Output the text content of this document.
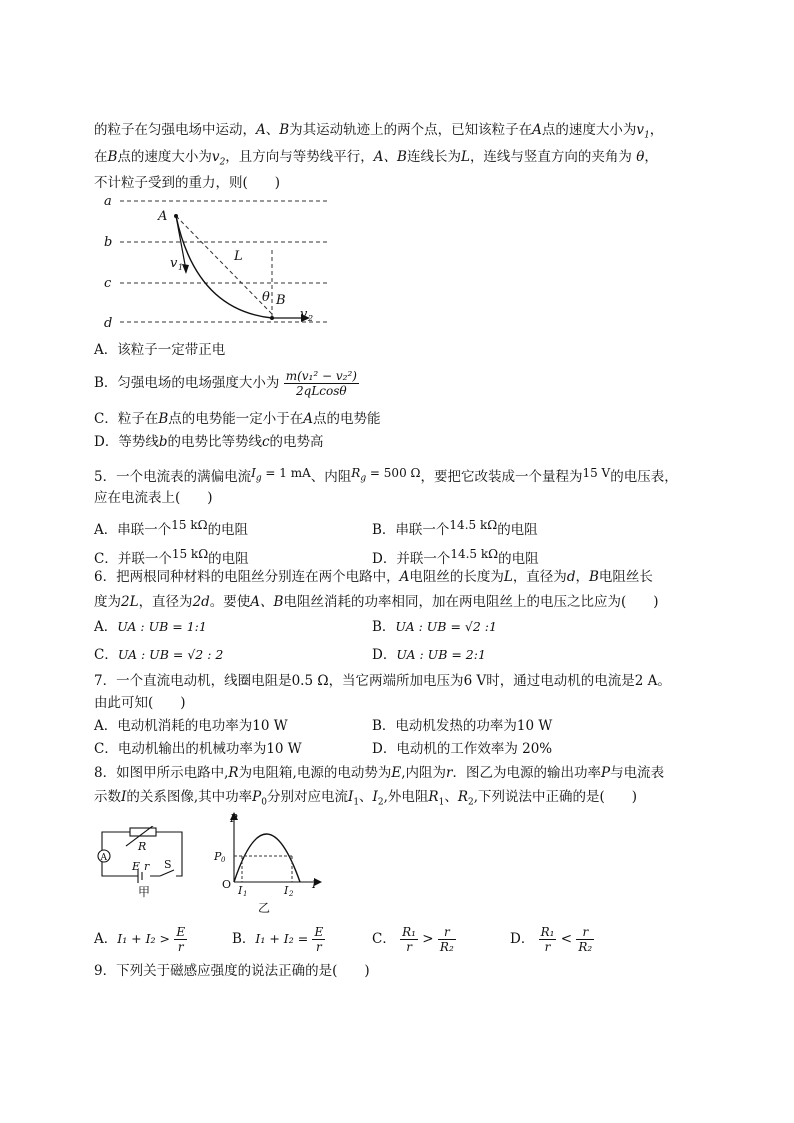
的粒子在匀强电场中运动，A、B为其运动轨迹上的两个点，已知该粒子在A点的速度大小为$v_1$，
在B点的速度大小为$v_2$，且方向与等势线平行，A、B连线长为L，连线与竖直方向的夹角为 θ，
不计粒子受到的重力，则(　　)
a
b
c
d
A
L
v
θ B
v
1
2
A．该粒子一定带正电
B．匀强电场的电场强度大小为 $\frac{\text{m(v₁² − v₂²)}}{2qLcos\theta}$
C．粒子在B点的电势能一定小于在A点的电势能
D．等势线b的电势比等势线c的电势高
5．一个电流表的满偏电流$I_g = 1$ mA、内阻$R_g = 500$ Ω，要把它改装成一个量程为15 V的电压表，
应在电流表上(　　)
A．串联一个15 kΩ的电阻	B．串联一个14.5 kΩ的电阻
C．并联一个15 kΩ的电阻	D．并联一个14.5 kΩ的电阻
6．把两根同种材料的电阻丝分别连在两个电路中，A电阻丝的长度为L，直径为d，B电阻丝长
度为2L，直径为2d。要使A、B电阻丝消耗的功率相同，加在两电阻丝上的电压之比应为(　　)
A．UA : UB = 1:1	B．UA : UB = √2 :1
C．UA : UB = √2 : 2	D．UA : UB = 2:1
7．一个直流电动机，线圈电阻是0.5 Ω，当它两端所加电压为6 V时，通过电动机的电流是2 A。
由此可知(　　)
A．电动机消耗的电功率为10 W	B．电动机发热的功率为10 W
C．电动机输出的机械功率为10 W	D．电动机的工作效率为 20%
8．如图甲所示电路中,R为电阻箱,电源的电动势为E,内阻为r．图乙为电源的输出功率P与电流表
示数I的关系图像,其中功率$P_0$分别对应电流$I_1$、$I_2$,外电阻$R_1$、$R_2$,下列说法中正确的是(　　)
A
R
E r S
甲
P
P
O	I
I	I
乙
0
1	2
A．$I_1 + I_2 > \frac{E}{r}$	B．$I_1 + I_2 = \frac{E}{r}$	C． $\frac{\text{R₁}}{r} > \frac{r}{\text{R₂}}$	D． $\frac{\text{R₁}}{r} < \frac{r}{\text{R₂}}$
9．下列关于磁感应强度的说法正确的是(　　)
